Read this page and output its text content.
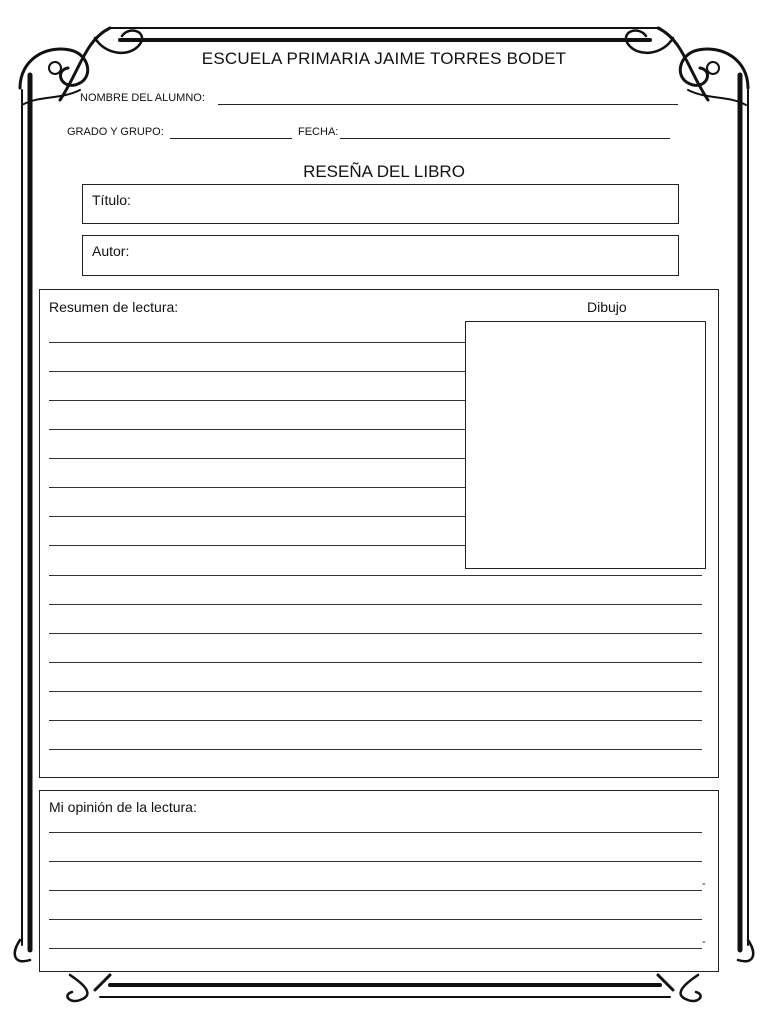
ESCUELA PRIMARIA JAIME TORRES BODET
NOMBRE DEL ALUMNO:
GRADO Y GRUPO:	FECHA:
RESEÑA DEL LIBRO
Título:
Autor:
Resumen de lectura:	Dibujo
Mi opinión de la lectura:
-
-
